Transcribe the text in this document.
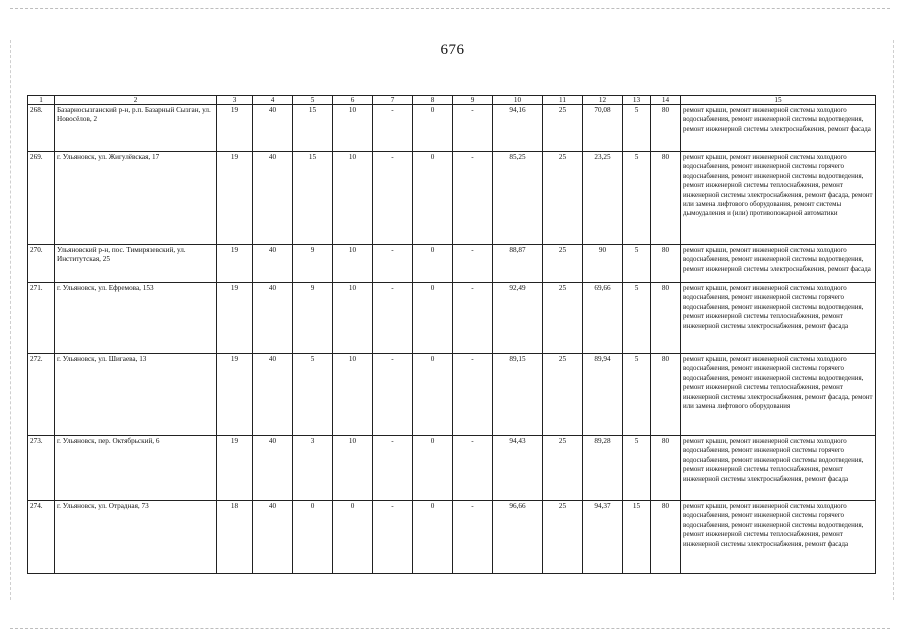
676
1	2	3	4	5	6	7	8	9	10	11	12	13	14	15
268.	Базарносызганский р-н, р.п. Базарный Сызган, ул. Новосёлов, 2	19	40	15	10	-	0	-	94,16	25	70,08	5	80	ремонт крыши, ремонт инженерной системы холодного водоснабжения, ремонт инженерной системы водоотведения, ремонт инженерной системы электроснабжения, ремонт фасада
269.	г. Ульяновск, ул. Жигулёвская, 17	19	40	15	10	-	0	-	85,25	25	23,25	5	80	ремонт крыши, ремонт инженерной системы холодного водоснабжения, ремонт инженерной системы горячего водоснабжения, ремонт инженерной системы водоотведения, ремонт инженерной системы теплоснабжения, ремонт инженерной системы электроснабжения, ремонт фасада, ремонт или замена лифтового оборудования, ремонт системы дымоудаления и (или) противопожарной автоматики
270.	Ульяновский р-н, пос. Тимирязевский, ул. Институтская, 25	19	40	9	10	-	0	-	88,87	25	90	5	80	ремонт крыши, ремонт инженерной системы холодного водоснабжения, ремонт инженерной системы водоотведения, ремонт инженерной системы электроснабжения, ремонт фасада
271.	г. Ульяновск, ул. Ефремова, 153	19	40	9	10	-	0	-	92,49	25	69,66	5	80	ремонт крыши, ремонт инженерной системы холодного водоснабжения, ремонт инженерной системы горячего водоснабжения, ремонт инженерной системы водоотведения, ремонт инженерной системы теплоснабжения, ремонт инженерной системы электроснабжения, ремонт фасада
272.	г. Ульяновск, ул. Шигаева, 13	19	40	5	10	-	0	-	89,15	25	89,94	5	80	ремонт крыши, ремонт инженерной системы холодного водоснабжения, ремонт инженерной системы горячего водоснабжения, ремонт инженерной системы водоотведения, ремонт инженерной системы теплоснабжения, ремонт инженерной системы электроснабжения, ремонт фасада, ремонт или замена лифтового оборудования
273.	г. Ульяновск, пер. Октябрьский, 6	19	40	3	10	-	0	-	94,43	25	89,28	5	80	ремонт крыши, ремонт инженерной системы холодного водоснабжения, ремонт инженерной системы горячего водоснабжения, ремонт инженерной системы водоотведения, ремонт инженерной системы теплоснабжения, ремонт инженерной системы электроснабжения, ремонт фасада
274.	г. Ульяновск, ул. Отрадная, 73	18	40	0	0	-	0	-	96,66	25	94,37	15	80	ремонт крыши, ремонт инженерной системы холодного водоснабжения, ремонт инженерной системы горячего водоснабжения, ремонт инженерной системы водоотведения, ремонт инженерной системы теплоснабжения, ремонт инженерной системы электроснабжения, ремонт фасада
